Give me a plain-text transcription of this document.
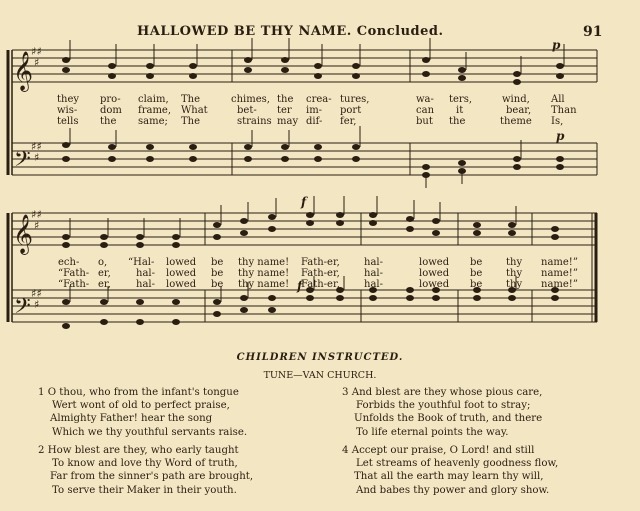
HALLOWED BE THY NAME. Concluded.	91
𝄞
𝄢
𝄞
𝄢
♯♯
♯
♯♯
♯
♯♯
♯
♯♯
♯
p
p
f
f
they pro- claim, The	chimes, the crea- tures,	wa- ters,	wind, All
wis- dom frame, What	bet- ter im- port	can it	bear, Than
tells the same; The	strains may dif- fer,	but the	theme Is,
ech- o, “Hal- lowed be thy name! Fath-er, hal-	lowed be thy name!”
“Fath- er,	hal- lowed be thy name! Fath-er, hal-	lowed be thy name!”
“Fath- er,	hal- lowed be thy name! Fath-er, hal-	lowed be thy name!”
CHILDREN INSTRUCTED.
TUNE—VAN CHURCH.
1 O thou, who from the infant's tongue
Wert wont of old to perfect praise,
Almighty Father! hear the song
Which we thy youthful servants raise.
2 How blest are they, who early taught
To know and love thy Word of truth,
Far from the sinner's path are brought,
To serve their Maker in their youth.
3 And blest are they whose pious care,
Forbids the youthful foot to stray;
Unfolds the Book of truth, and there
To life eternal points the way.
4 Accept our praise, O Lord! and still
Let streams of heavenly goodness flow,
That all the earth may learn thy will,
And babes thy power and glory show.
